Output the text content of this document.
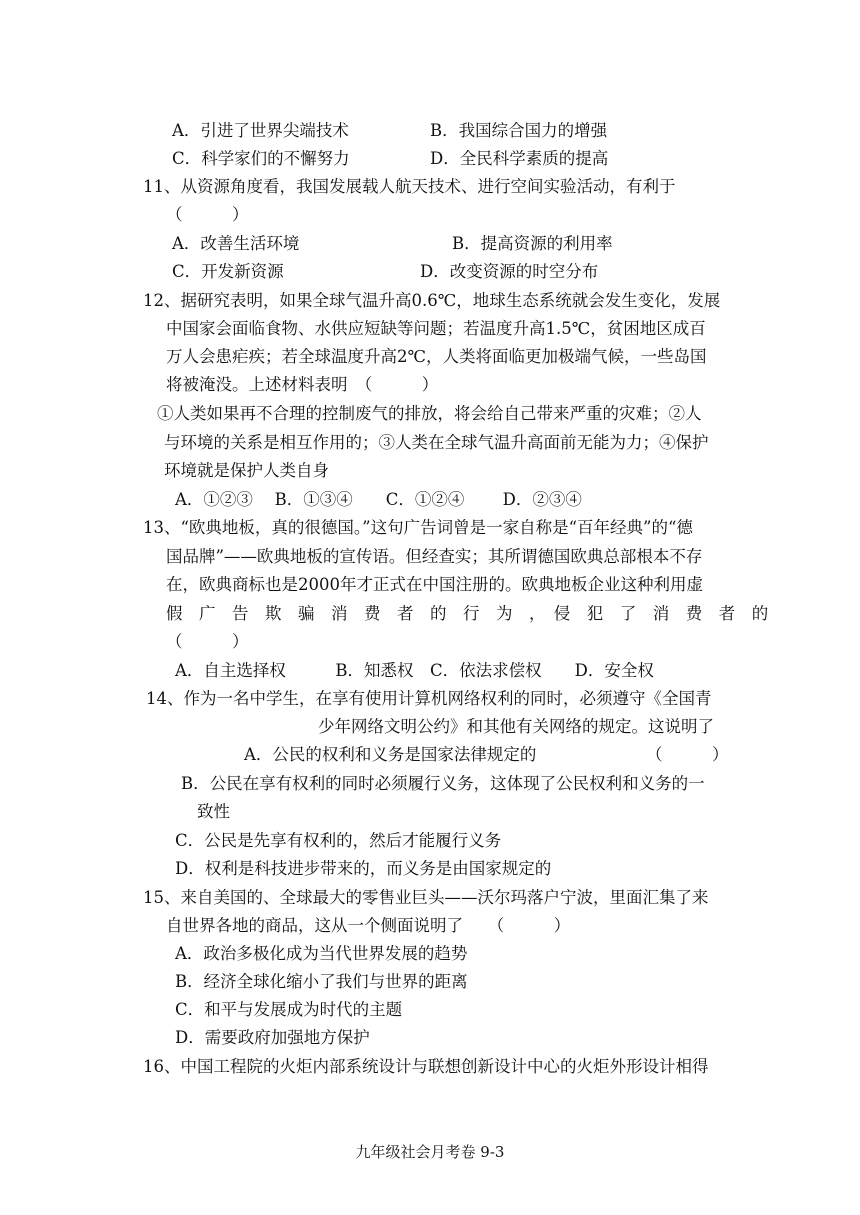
A．引进了世界尖端技术	B．我国综合国力的增强
C．科学家们的不懈努力	D．全民科学素质的提高
11、从资源角度看，我国发展载人航天技术、进行空间实验活动，有利于
（　　　）
A．改善生活环境	B．提高资源的利用率
C．开发新资源	D．改变资源的时空分布
12、据研究表明，如果全球气温升高0.6℃，地球生态系统就会发生变化，发展
中国家会面临食物、水供应短缺等问题；若温度升高1.5℃，贫困地区成百
万人会患疟疾；若全球温度升高2℃，人类将面临更加极端气候，一些岛国
将被淹没。上述材料表明　（　　　）
①人类如果再不合理的控制废气的排放，将会给自己带来严重的灾难；②人
与环境的关系是相互作用的；③人类在全球气温升高面前无能为力；④保护
环境就是保护人类自身
A．①②③　 B．①③④　　C．①②④　　 D．②③④
13、“欧典地板，真的很德国。”这句广告词曾是一家自称是“百年经典”的“德
国品牌”——欧典地板的宣传语。但经查实；其所谓德国欧典总部根本不存
在，欧典商标也是2000年才正式在中国注册的。欧典地板企业这种利用虚
假　广　告　欺　骗　消　费　者　的　行　为　，　侵　犯　了　消　费　者　的
（　　　）
A．自主选择权　　　B．知悉权　C．依法求偿权　　D．安全权
14、作为一名中学生，在享有使用计算机网络权利的同时，必须遵守《全国青
少年网络文明公约》和其他有关网络的规定。这说明了
A．公民的权利和义务是国家法律规定的	（　　　）
B．公民在享有权利的同时必须履行义务，这体现了公民权利和义务的一
致性
C．公民是先享有权利的，然后才能履行义务
D．权利是科技进步带来的，而义务是由国家规定的
15、来自美国的、全球最大的零售业巨头——沃尔玛落户宁波，里面汇集了来
自世界各地的商品，这从一个侧面说明了　　（　　　）
A．政治多极化成为当代世界发展的趋势
B．经济全球化缩小了我们与世界的距离
C．和平与发展成为时代的主题
D．需要政府加强地方保护
16、中国工程院的火炬内部系统设计与联想创新设计中心的火炬外形设计相得
九年级社会月考卷 9-3
